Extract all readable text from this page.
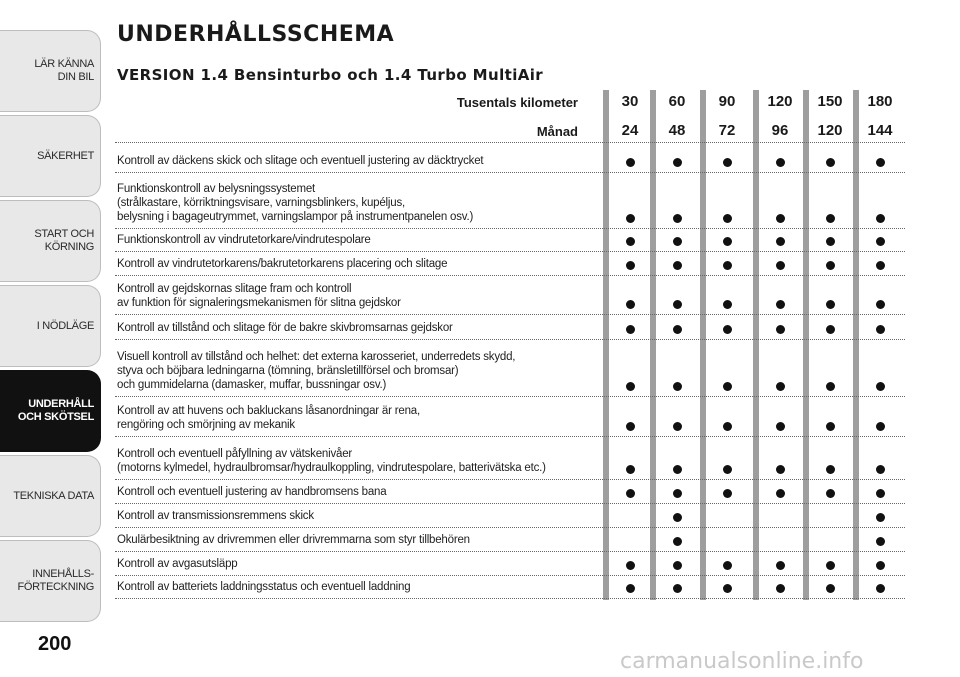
LÄR KÄNNA
DIN BIL
SÄKERHET
START OCH
KÖRNING
I NÖDLÄGE
UNDERHÅLL
OCH SKÖTSEL
TEKNISKA DATA
INNEHÅLLS-
FÖRTECKNING
UNDERHÅLLSSCHEMA
VERSION 1.4 Bensinturbo och 1.4 Turbo MultiAir
Tusentals kilometer
Månad
30
24
60
48
90
72
120
96
150
120
180
144
Kontroll av däckens skick och slitage och eventuell justering av däcktrycket
Funktionskontroll av belysningssystemet
(strålkastare, körriktningsvisare, varningsblinkers, kupéljus,
belysning i bagageutrymmet, varningslampor på instrumentpanelen osv.)
Funktionskontroll av vindrutetorkare/vindrutespolare
Kontroll av vindrutetorkarens/bakrutetorkarens placering och slitage
Kontroll av gejdskornas slitage fram och kontroll
av funktion för signaleringsmekanismen för slitna gejdskor
Kontroll av tillstånd och slitage för de bakre skivbromsarnas gejdskor
Visuell kontroll av tillstånd och helhet: det externa karosseriet, underredets skydd,
styva och böjbara ledningarna (tömning, bränsletillförsel och bromsar)
och gummidelarna (damasker, muffar, bussningar osv.)
Kontroll av att huvens och bakluckans låsanordningar är rena,
rengöring och smörjning av mekanik
Kontroll och eventuell påfyllning av vätskenivåer
(motorns kylmedel, hydraulbromsar/hydraulkoppling, vindrutespolare, batterivätska etc.)
Kontroll och eventuell justering av handbromsens bana
Kontroll av transmissionsremmens skick
Okulärbesiktning av drivremmen eller drivremmarna som styr tillbehören
Kontroll av avgasutsläpp
Kontroll av batteriets laddningsstatus och eventuell laddning
200
carmanualsonline.info
